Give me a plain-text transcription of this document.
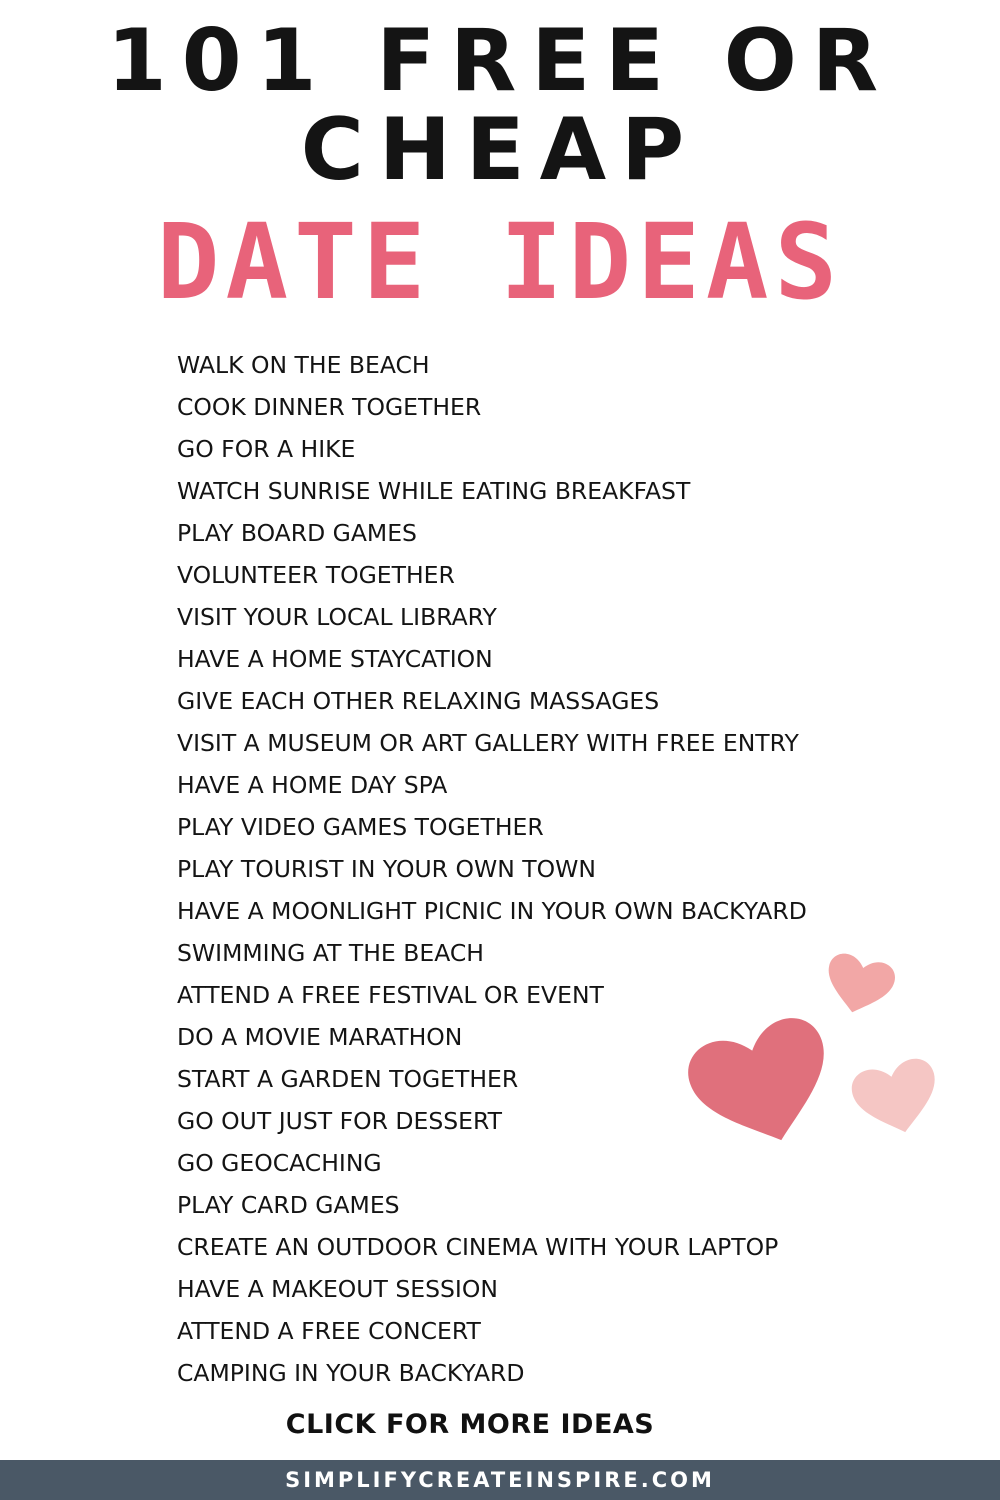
101 FREE OR
CHEAP
DATE IDEAS
WALK ON THE BEACH
COOK DINNER TOGETHER
GO FOR A HIKE
WATCH SUNRISE WHILE EATING BREAKFAST
PLAY BOARD GAMES
VOLUNTEER TOGETHER
VISIT YOUR LOCAL LIBRARY
HAVE A HOME STAYCATION
GIVE EACH OTHER RELAXING MASSAGES
VISIT A MUSEUM OR ART GALLERY WITH FREE ENTRY
HAVE A HOME DAY SPA
PLAY VIDEO GAMES TOGETHER
PLAY TOURIST IN YOUR OWN TOWN
HAVE A MOONLIGHT PICNIC IN YOUR OWN BACKYARD
SWIMMING AT THE BEACH
ATTEND A FREE FESTIVAL OR EVENT
DO A MOVIE MARATHON
START A GARDEN TOGETHER
GO OUT JUST FOR DESSERT
GO GEOCACHING
PLAY CARD GAMES
CREATE AN OUTDOOR CINEMA WITH YOUR LAPTOP
HAVE A MAKEOUT SESSION
ATTEND A FREE CONCERT
CAMPING IN YOUR BACKYARD
CLICK FOR MORE IDEAS
SIMPLIFYCREATEINSPIRE.COM
